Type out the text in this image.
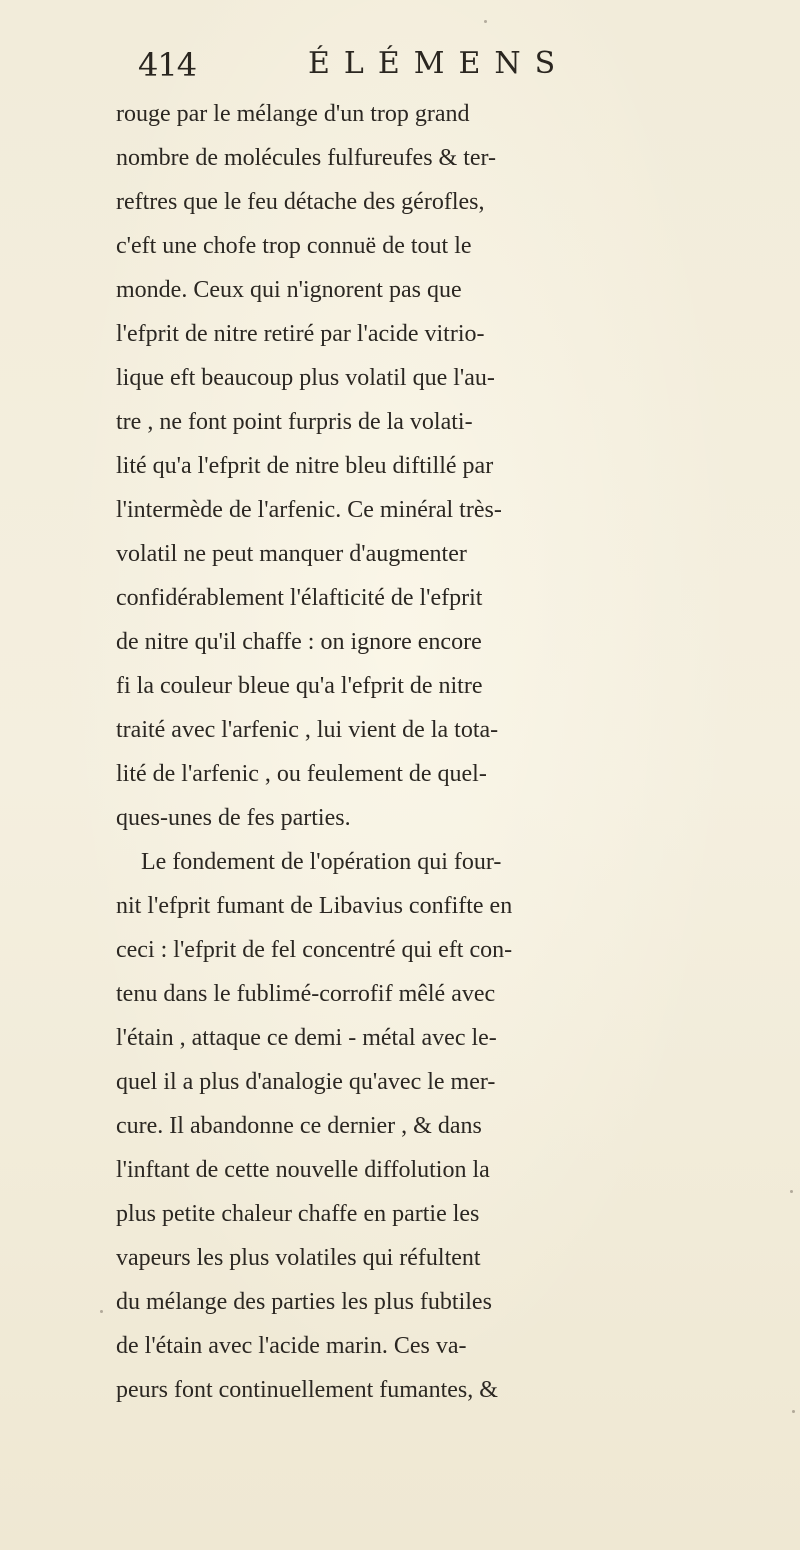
414	ÉLÉMENS

rouge par le mélange d'un trop grand

nombre de molécules fulfureufes & ter-

reftres que le feu détache des gérofles,

c'eft une chofe trop connuë de tout le

monde. Ceux qui n'ignorent pas que

l'efprit de nitre retiré par l'acide vitrio-

lique eft beaucoup plus volatil que l'au-

tre , ne font point furpris de la volati-

lité qu'a l'efprit de nitre bleu diftillé par

l'intermède de l'arfenic. Ce minéral très-

volatil ne peut manquer d'augmenter

confidérablement l'élafticité de l'efprit

de nitre qu'il chaffe : on ignore encore

fi la couleur bleue qu'a l'efprit de nitre

traité avec l'arfenic , lui vient de la tota-

lité de l'arfenic , ou feulement de quel-

ques-unes de fes parties.

Le fondement de l'opération qui four-

nit l'efprit fumant de Libavius confifte en

ceci : l'efprit de fel concentré qui eft con-

tenu dans le fublimé-corrofif mêlé avec

l'étain , attaque ce demi - métal avec le-

quel il a plus d'analogie qu'avec le mer-

cure. Il abandonne ce dernier , & dans

l'inftant de cette nouvelle diffolution la

plus petite chaleur chaffe en partie les

vapeurs les plus volatiles qui réfultent

du mélange des parties les plus fubtiles

de l'étain avec l'acide marin. Ces va-

peurs font continuellement fumantes, &
